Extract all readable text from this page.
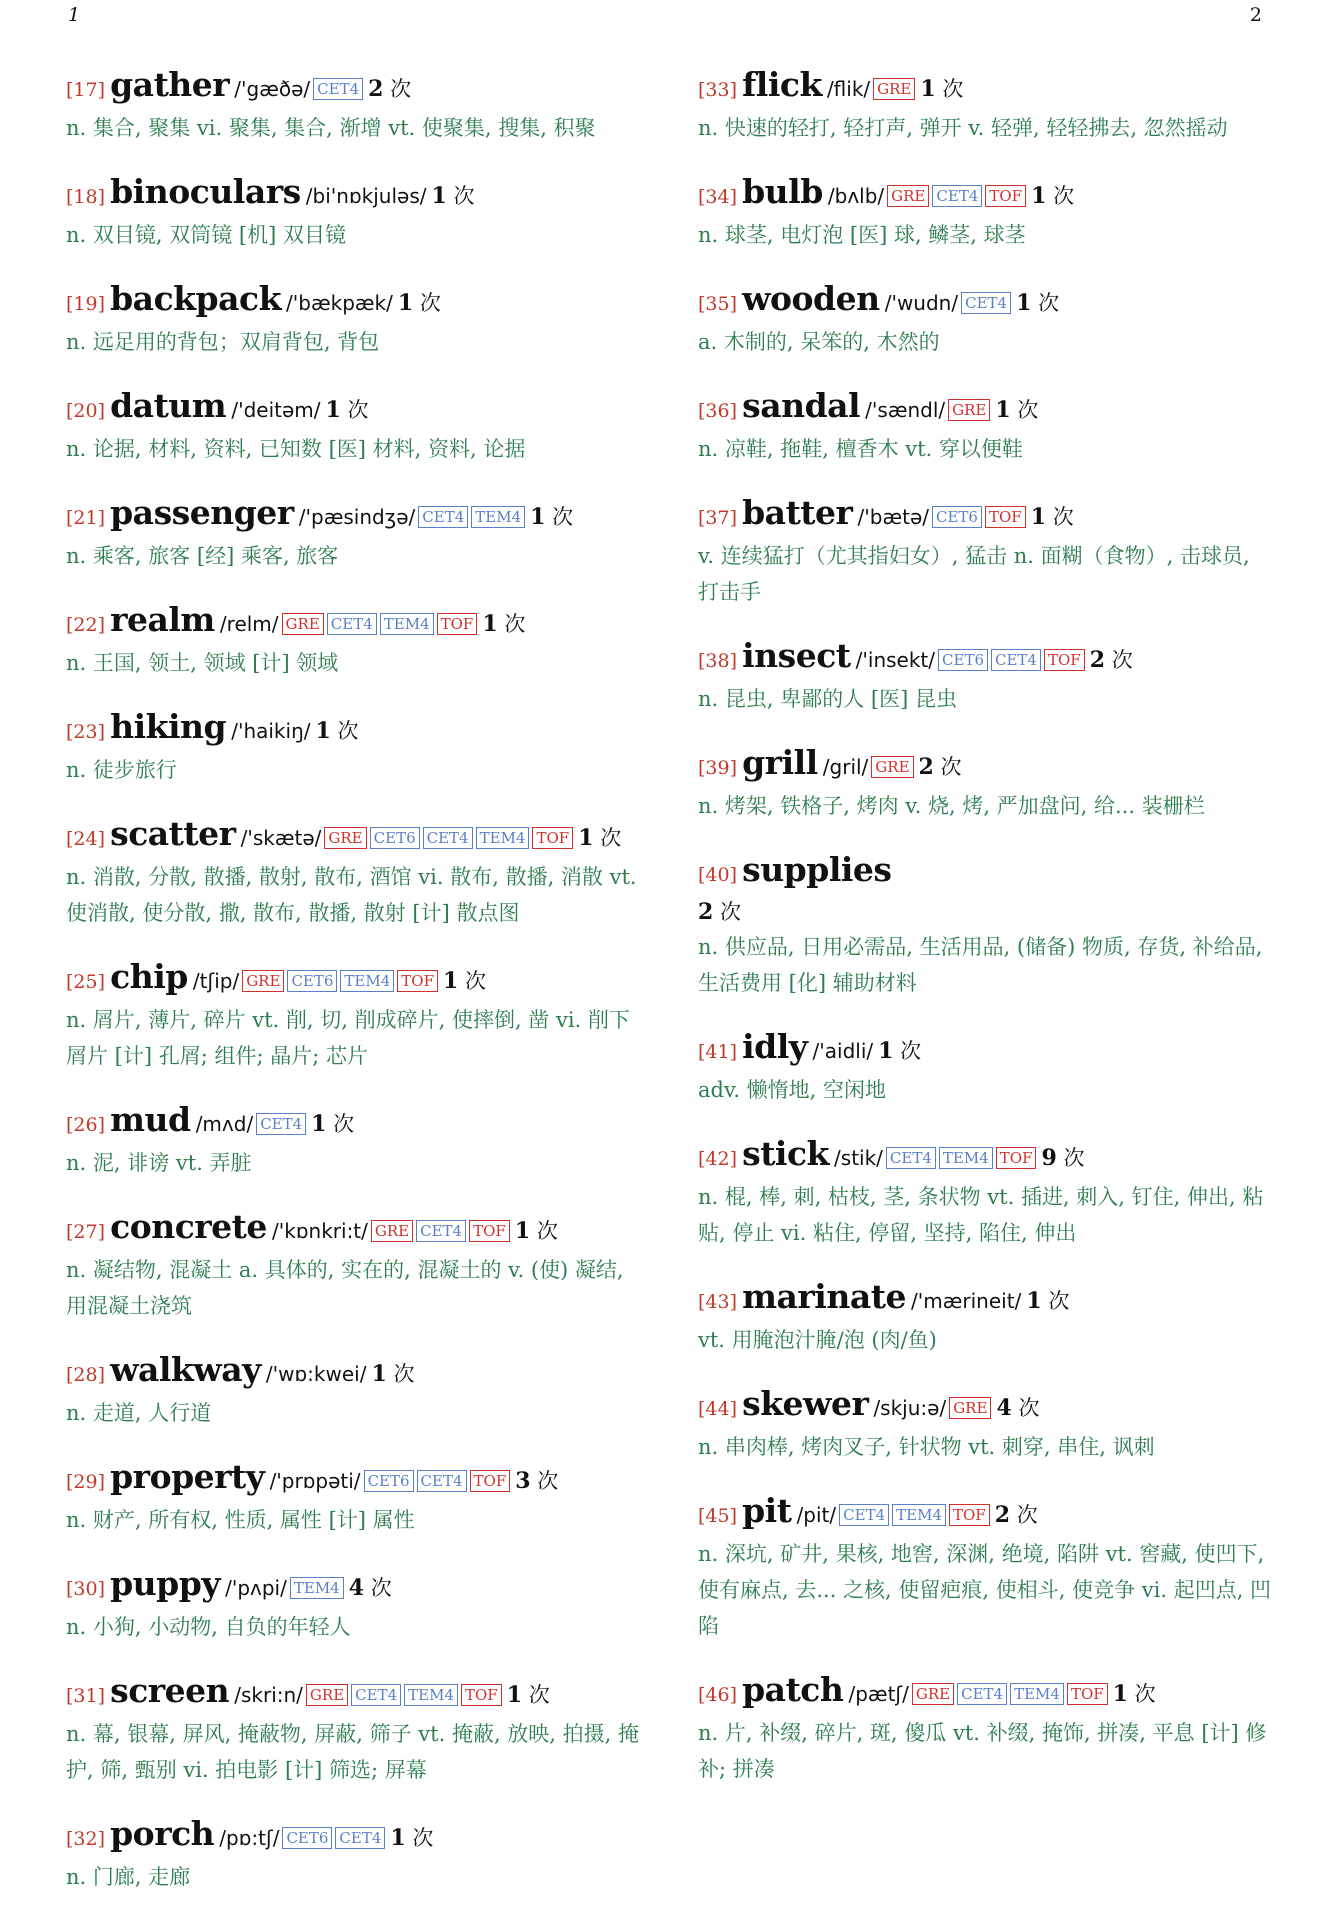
1	2
[17] gather /'gæðə/ CET4 2 次
n. 集合, 聚集 vi. 聚集, 集合, 渐增 vt. 使聚集, 搜集, 积聚
[18] binoculars /bi'nɒkjuləs/ 1 次
n. 双目镜, 双筒镜 [机] 双目镜
[19] backpack /'bækpæk/ 1 次
n. 远足用的背包；双肩背包, 背包
[20] datum /'deitəm/ 1 次
n. 论据, 材料, 资料, 已知数 [医] 材料, 资料, 论据
[21] passenger /'pæsindʒə/ CET4 TEM4 1 次
n. 乘客, 旅客 [经] 乘客, 旅客
[22] realm /relm/ GRE CET4 TEM4 TOF 1 次
n. 王国, 领土, 领域 [计] 领域
[23] hiking /'haikiŋ/ 1 次
n. 徒步旅行
[24] scatter /'skætə/ GRE CET6 CET4 TEM4 TOF 1 次
n. 消散, 分散, 散播, 散射, 散布, 酒馆 vi. 散布, 散播, 消散 vt. 使消散, 使分散, 撒, 散布, 散播, 散射 [计] 散点图
[25] chip /tʃip/ GRE CET6 TEM4 TOF 1 次
n. 屑片, 薄片, 碎片 vt. 削, 切, 削成碎片, 使摔倒, 凿 vi. 削下屑片 [计] 孔屑; 组件; 晶片; 芯片
[26] mud /mʌd/ CET4 1 次
n. 泥, 诽谤 vt. 弄脏
[27] concrete /'kɒnkri:t/ GRE CET4 TOF 1 次
n. 凝结物, 混凝土 a. 具体的, 实在的, 混凝土的 v. (使) 凝结, 用混凝土浇筑
[28] walkway /'wɒ:kwei/ 1 次
n. 走道, 人行道
[29] property /'prɒpəti/ CET6 CET4 TOF 3 次
n. 财产, 所有权, 性质, 属性 [计] 属性
[30] puppy /'pʌpi/ TEM4 4 次
n. 小狗, 小动物, 自负的年轻人
[31] screen /skri:n/ GRE CET4 TEM4 TOF 1 次
n. 幕, 银幕, 屏风, 掩蔽物, 屏蔽, 筛子 vt. 掩蔽, 放映, 拍摄, 掩护, 筛, 甄别 vi. 拍电影 [计] 筛选; 屏幕
[32] porch /pɒ:tʃ/ CET6 CET4 1 次
n. 门廊, 走廊
[33] flick /flik/ GRE 1 次
n. 快速的轻打, 轻打声, 弹开 v. 轻弹, 轻轻拂去, 忽然摇动
[34] bulb /bʌlb/ GRE CET4 TOF 1 次
n. 球茎, 电灯泡 [医] 球, 鳞茎, 球茎
[35] wooden /'wudn/ CET4 1 次
a. 木制的, 呆笨的, 木然的
[36] sandal /'sændl/ GRE 1 次
n. 凉鞋, 拖鞋, 檀香木 vt. 穿以便鞋
[37] batter /'bætə/ CET6 TOF 1 次
v. 连续猛打（尤其指妇女）, 猛击 n. 面糊（食物）, 击球员, 打击手
[38] insect /'insekt/ CET6 CET4 TOF 2 次
n. 昆虫, 卑鄙的人 [医] 昆虫
[39] grill /gril/ GRE 2 次
n. 烤架, 铁格子, 烤肉 v. 烧, 烤, 严加盘问, 给... 装栅栏
[40] supplies
2 次
n. 供应品, 日用必需品, 生活用品, (储备) 物质, 存货, 补给品, 生活费用 [化] 辅助材料
[41] idly /'aidli/ 1 次
adv. 懒惰地, 空闲地
[42] stick /stik/ CET4 TEM4 TOF 9 次
n. 棍, 棒, 刺, 枯枝, 茎, 条状物 vt. 插进, 刺入, 钉住, 伸出, 粘贴, 停止 vi. 粘住, 停留, 坚持, 陷住, 伸出
[43] marinate /'mærineit/ 1 次
vt. 用腌泡汁腌/泡 (肉/鱼)
[44] skewer /skju:ə/ GRE 4 次
n. 串肉棒, 烤肉叉子, 针状物 vt. 刺穿, 串住, 讽刺
[45] pit /pit/ CET4 TEM4 TOF 2 次
n. 深坑, 矿井, 果核, 地窖, 深渊, 绝境, 陷阱 vt. 窖藏, 使凹下, 使有麻点, 去... 之核, 使留疤痕, 使相斗, 使竞争 vi. 起凹点, 凹陷
[46] patch /pætʃ/ GRE CET4 TEM4 TOF 1 次
n. 片, 补缀, 碎片, 斑, 傻瓜 vt. 补缀, 掩饰, 拼凑, 平息 [计] 修补; 拼凑
